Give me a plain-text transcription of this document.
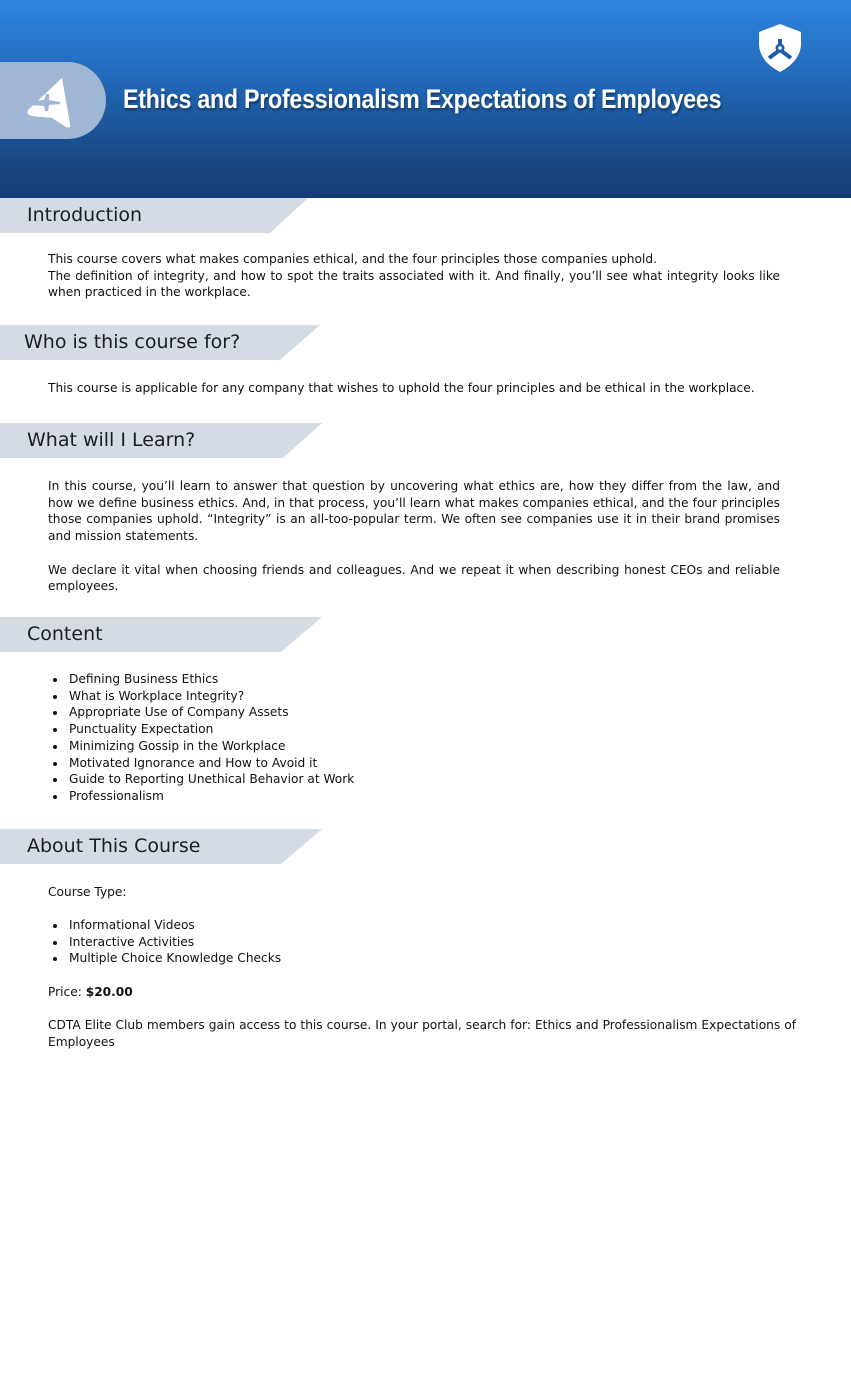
Ethics and Professionalism Expectations of Employees
Introduction

This course covers what makes companies ethical, and the four principles those companies uphold.

The definition of integrity, and how to spot the traits associated with it. And finally, you’ll see what integrity looks like when practiced in the workplace.

Who is this course for?

This course is applicable for any company that wishes to uphold the four principles and be ethical in the workplace.

What will I Learn?

In this course, you’ll learn to answer that question by uncovering what ethics are, how they differ from the law, and how we define business ethics. And, in that process, you’ll learn what makes companies ethical, and the four principles those companies uphold. “Integrity” is an all-too-popular term. We often see companies use it in their brand promises and mission statements.

We declare it vital when choosing friends and colleagues. And we repeat it when describing honest CEOs and reliable employees.

Content
Defining Business Ethics
What is Workplace Integrity?
Appropriate Use of Company Assets
Punctuality Expectation
Minimizing Gossip in the Workplace
Motivated Ignorance and How to Avoid it
Guide to Reporting Unethical Behavior at Work
Professionalism
About This Course

Course Type:

Informational Videos
Interactive Activities
Multiple Choice Knowledge Checks
Price: $20.00

CDTA Elite Club members gain access to this course. In your portal, search for: Ethics and Professionalism Expectations of Employees
